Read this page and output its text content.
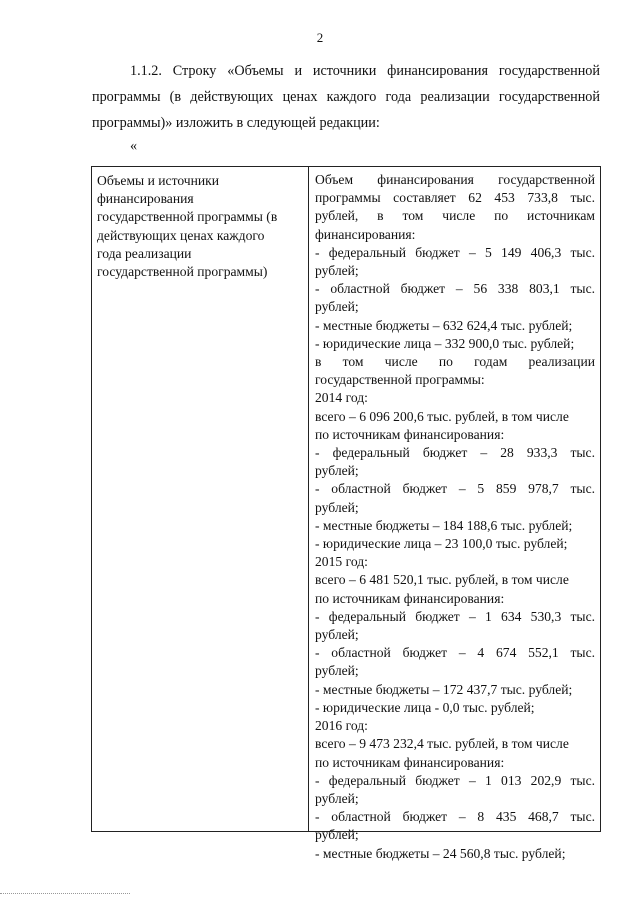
2

1.1.2. Строку «Объемы и источники финансирования государственной
программы (в действующих ценах каждого года реализации государственной
программы)» изложить в следующей редакции:

«
Объемы и источники
финансирования
государственной программы (в
действующих ценах каждого
года реализации
государственной программы)
Объем финансирования государственной
программы составляет 62 453 733,8 тыс.
рублей, в том числе по источникам
финансирования:
- федеральный бюджет – 5 149 406,3 тыс.
рублей;
- областной бюджет – 56 338 803,1 тыс.
рублей;
- местные бюджеты – 632 624,4 тыс. рублей;
- юридические лица – 332 900,0 тыс. рублей;
в том числе по годам реализации
государственной программы:
2014 год:
всего – 6 096 200,6 тыс. рублей, в том числе
по источникам финансирования:
- федеральный бюджет – 28 933,3 тыс.
рублей;
- областной бюджет – 5 859 978,7 тыс.
рублей;
- местные бюджеты – 184 188,6 тыс. рублей;
- юридические лица – 23 100,0 тыс. рублей;
2015 год:
всего – 6 481 520,1 тыс. рублей, в том числе
по источникам финансирования:
- федеральный бюджет – 1 634 530,3 тыс.
рублей;
- областной бюджет – 4 674 552,1 тыс.
рублей;
- местные бюджеты – 172 437,7 тыс. рублей;
- юридические лица - 0,0 тыс. рублей;
2016 год:
всего – 9 473 232,4 тыс. рублей, в том числе
по источникам финансирования:
- федеральный бюджет – 1 013 202,9 тыс.
рублей;
- областной бюджет – 8 435 468,7 тыс.
рублей;
- местные бюджеты – 24 560,8 тыс. рублей;
